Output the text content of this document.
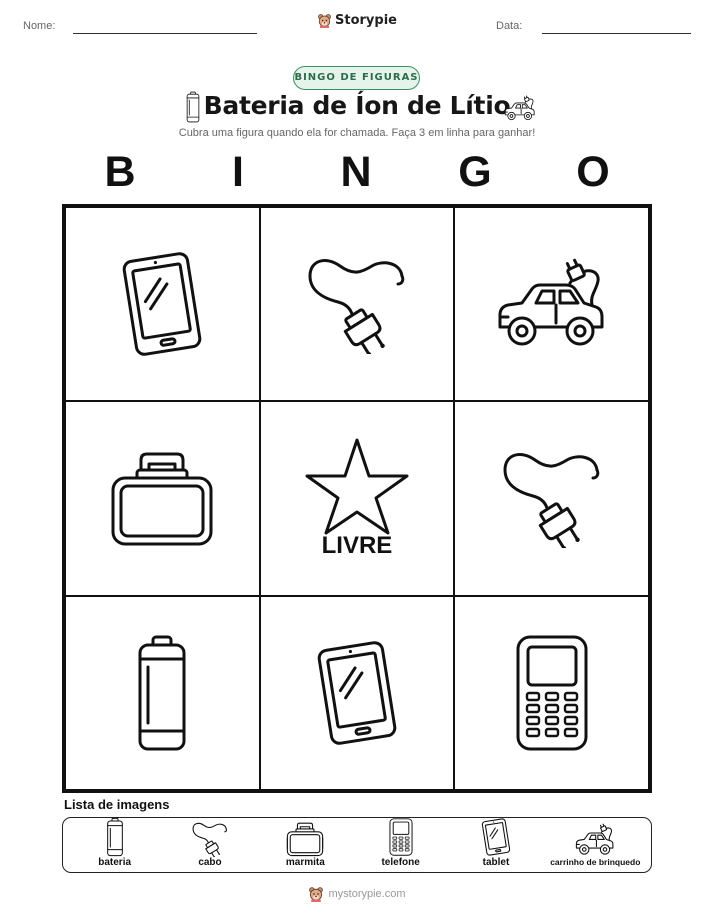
Nome:	Storypie	Data:
BINGO DE FIGURAS
Bateria de Íon de Lítio
Cubra uma figura quando ela for chamada. Faça 3 em linha para ganhar!
B	I	N	G	O
LIVRE
Lista de imagens
bateria	cabo	marmita	telefone	tablet	carrinho de brinquedo
mystorypie.com
